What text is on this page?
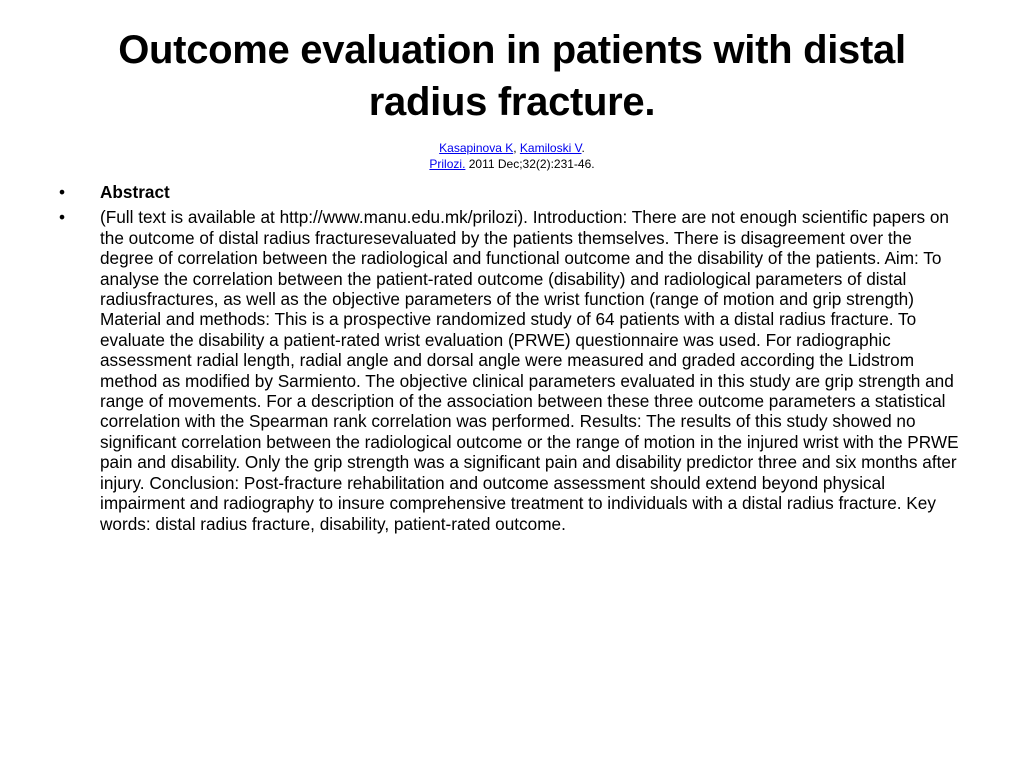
Outcome evaluation in patients with distal radius fracture.
Kasapinova K, Kamiloski V.
Prilozi. 2011 Dec;32(2):231-46.
• Abstract
• (Full text is available at http://www.manu.edu.mk/prilozi). Introduction: There are not enough scientific papers on the outcome of distal radius fracturesevaluated by the patients themselves. There is disagreement over the degree of correlation between the radiological and functional outcome and the disability of the patients. Aim: To analyse the correlation between the patient-rated outcome (disability) and radiological parameters of distal radiusfractures, as well as the objective parameters of the wrist function (range of motion and grip strength) Material and methods: This is a prospective randomized study of 64 patients with a distal radius fracture. To evaluate the disability a patient-rated wrist evaluation (PRWE) questionnaire was used. For radiographic assessment radial length, radial angle and dorsal angle were measured and graded according the Lidstrom method as modified by Sarmiento. The objective clinical parameters evaluated in this study are grip strength and range of movements. For a description of the association between these three outcome parameters a statistical correlation with the Spearman rank correlation was performed. Results: The results of this study showed no significant correlation between the radiological outcome or the range of motion in the injured wrist with the PRWE pain and disability. Only the grip strength was a significant pain and disability predictor three and six months after injury. Conclusion: Post-fracture rehabilitation and outcome assessment should extend beyond physical impairment and radiography to insure comprehensive treatment to individuals with a distal radius fracture. Key words: distal radius fracture, disability, patient-rated outcome.
